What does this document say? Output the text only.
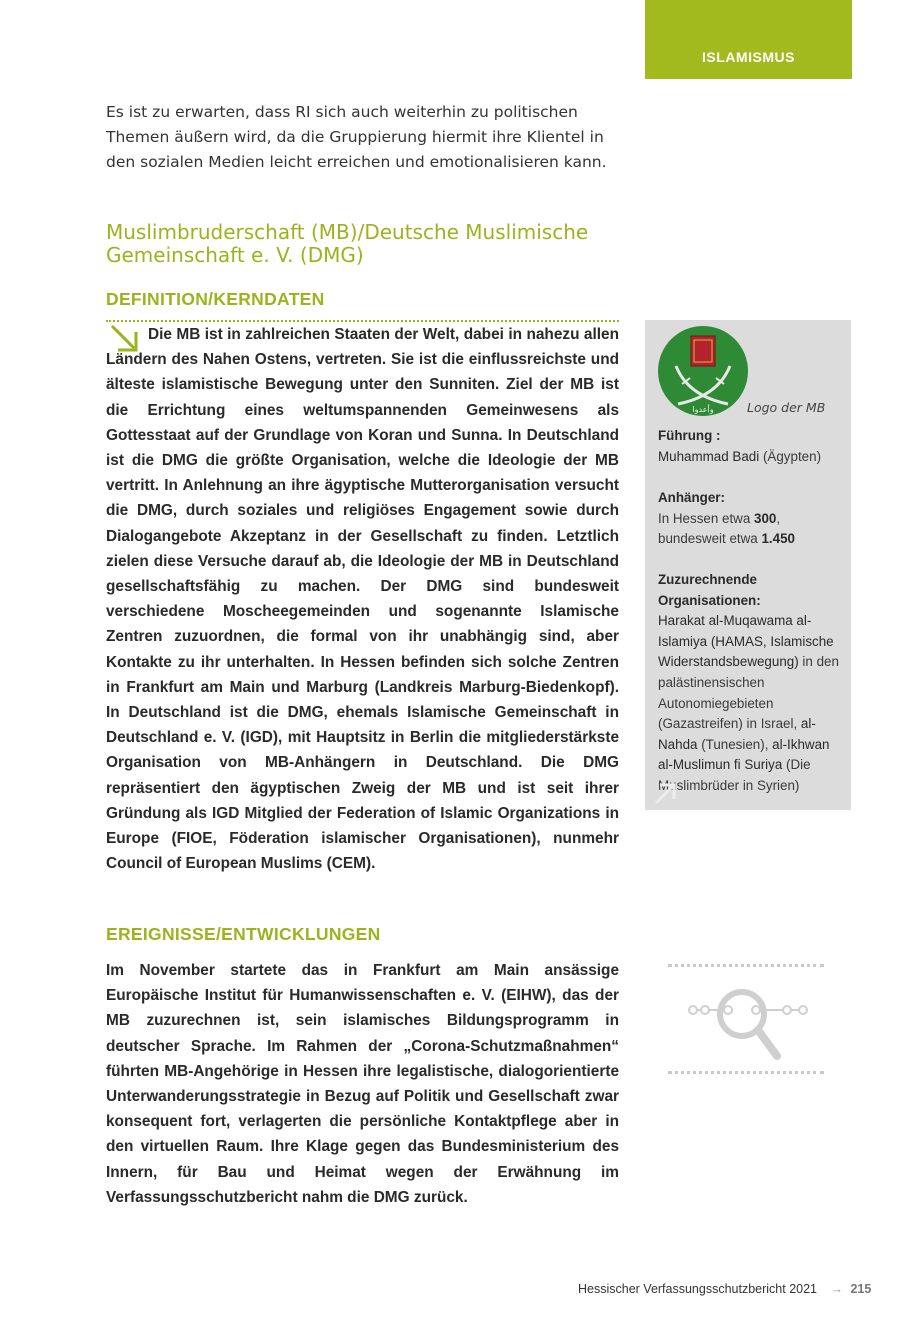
ISLAMISMUS

Es ist zu erwarten, dass RI sich auch weiterhin zu politischen Themen äußern wird, da die Gruppierung hiermit ihre Klientel in den sozialen Medien leicht erreichen und emotionalisieren kann.

Muslimbruderschaft (MB)/Deutsche Muslimische Gemeinschaft e. V. (DMG)
DEFINITION/KERNDATEN

Die MB ist in zahlreichen Staaten der Welt, dabei in nahezu allen Ländern des Nahen Ostens, vertreten. Sie ist die einflussreichste und älteste islamistische Bewegung unter den Sunniten. Ziel der MB ist die Errichtung eines weltumspannenden Gemeinwesens als Gottesstaat auf der Grundlage von Koran und Sunna. In Deutschland ist die DMG die größte Organisation, welche die Ideologie der MB vertritt. In Anlehnung an ihre ägyptische Mutterorganisation versucht die DMG, durch soziales und religiöses Engagement sowie durch Dialogangebote Akzeptanz in der Gesellschaft zu finden. Letztlich zielen diese Versuche darauf ab, die Ideologie der MB in Deutschland gesellschaftsfähig zu machen. Der DMG sind bundesweit verschiedene Moscheegemeinden und sogenannte Islamische Zentren zuzuordnen, die formal von ihr unabhängig sind, aber Kontakte zu ihr unterhalten. In Hessen befinden sich solche Zentren in Frankfurt am Main und Marburg (Landkreis Marburg-Biedenkopf). In Deutschland ist die DMG, ehemals Islamische Gemeinschaft in Deutschland e. V. (IGD), mit Hauptsitz in Berlin die mitgliederstärkste Organisation von MB-Anhängern in Deutschland. Die DMG repräsentiert den ägyptischen Zweig der MB und ist seit ihrer Gründung als IGD Mitglied der Federation of Islamic Organizations in Europe (FIOE, Föderation islamischer Organisationen), nunmehr Council of European Muslims (CEM).

وأعدوا	Logo der MB
Führung :
Muhammad Badi (Ägypten)
Anhänger:
In Hessen etwa 300,
bundesweit etwa 1.450
Zuzurechnende Organisationen:
Harakat al-Muqawama al-Islamiya (HAMAS, Islamische Widerstandsbewegung) in den palästinensischen Autonomiegebieten (Gazastreifen) in Israel, al-Nahda (Tunesien), al-Ikhwan al-Muslimun fi Suriya (Die Muslimbrüder in Syrien)
EREIGNISSE/ENTWICKLUNGEN

Im November startete das in Frankfurt am Main ansässige Europäische Institut für Humanwissenschaften e. V. (EIHW), das der MB zuzurechnen ist, sein islamisches Bildungsprogramm in deutscher Sprache. Im Rahmen der „Corona-Schutzmaßnahmen“ führten MB-Angehörige in Hessen ihre legalistische, dialogorientierte Unterwanderungsstrategie in Bezug auf Politik und Gesellschaft zwar konsequent fort, verlagerten die persönliche Kontaktpflege aber in den virtuellen Raum. Ihre Klage gegen das Bundesministerium des Innern, für Bau und Heimat wegen der Erwähnung im Verfassungsschutzbericht nahm die DMG zurück.

Hessischer Verfassungsschutzbericht 2021 → 215
